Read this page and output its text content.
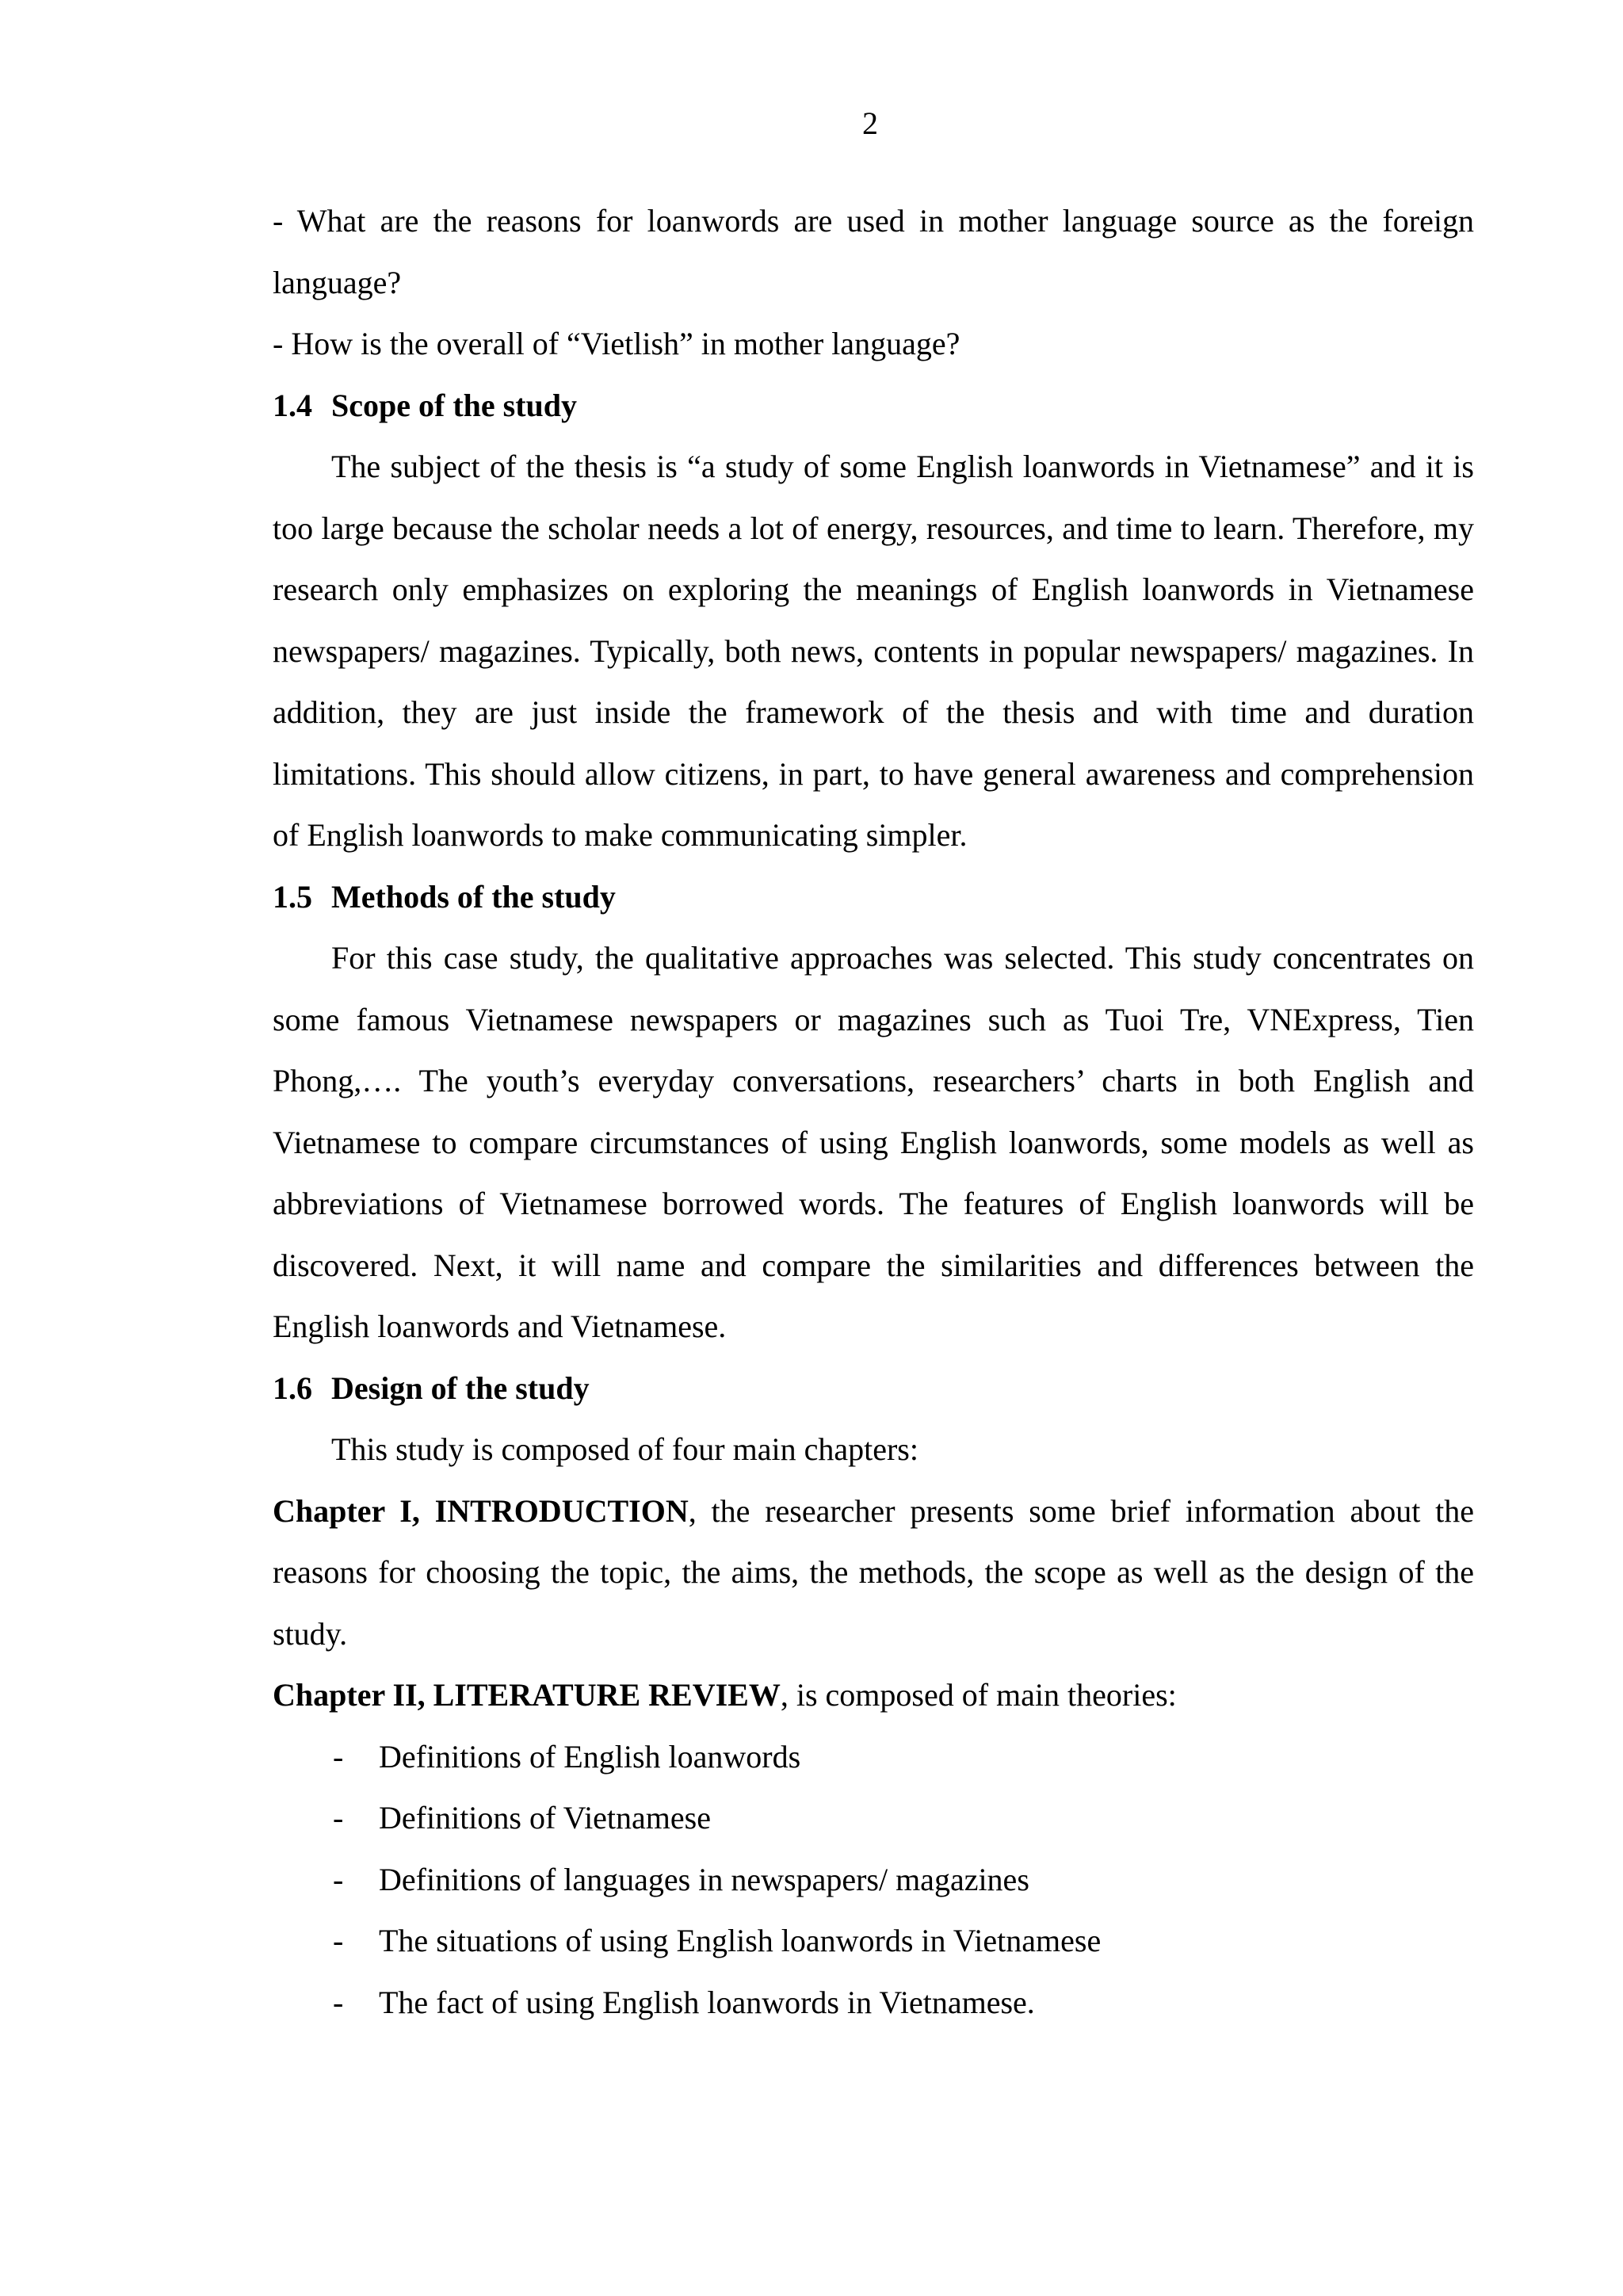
2

- What are the reasons for loanwords are used in mother language source as the foreign language?

- How is the overall of “Vietlish” in mother language?

1.4 Scope of the study

The subject of the thesis is “a study of some English loanwords in Vietnamese” and it is too large because the scholar needs a lot of energy, resources, and time to learn. Therefore, my research only emphasizes on exploring the meanings of English loanwords in Vietnamese newspapers/ magazines. Typically, both news, contents in popular newspapers/ magazines. In addition, they are just inside the framework of the thesis and with time and duration limitations. This should allow citizens, in part, to have general awareness and comprehension of English loanwords to make communicating simpler.

1.5 Methods of the study

For this case study, the qualitative approaches was selected. This study concentrates on some famous Vietnamese newspapers or magazines such as Tuoi Tre, VNExpress, Tien Phong,…. The youth’s everyday conversations, researchers’ charts in both English and Vietnamese to compare circumstances of using English loanwords, some models as well as abbreviations of Vietnamese borrowed words. The features of English loanwords will be discovered. Next, it will name and compare the similarities and differences between the English loanwords and Vietnamese.

1.6 Design of the study

This study is composed of four main chapters:

Chapter I, INTRODUCTION, the researcher presents some brief information about the reasons for choosing the topic, the aims, the methods, the scope as well as the design of the study.

Chapter II, LITERATURE REVIEW, is composed of main theories:

- Definitions of English loanwords
- Definitions of Vietnamese
- Definitions of languages in newspapers/ magazines
- The situations of using English loanwords in Vietnamese
- The fact of using English loanwords in Vietnamese.
